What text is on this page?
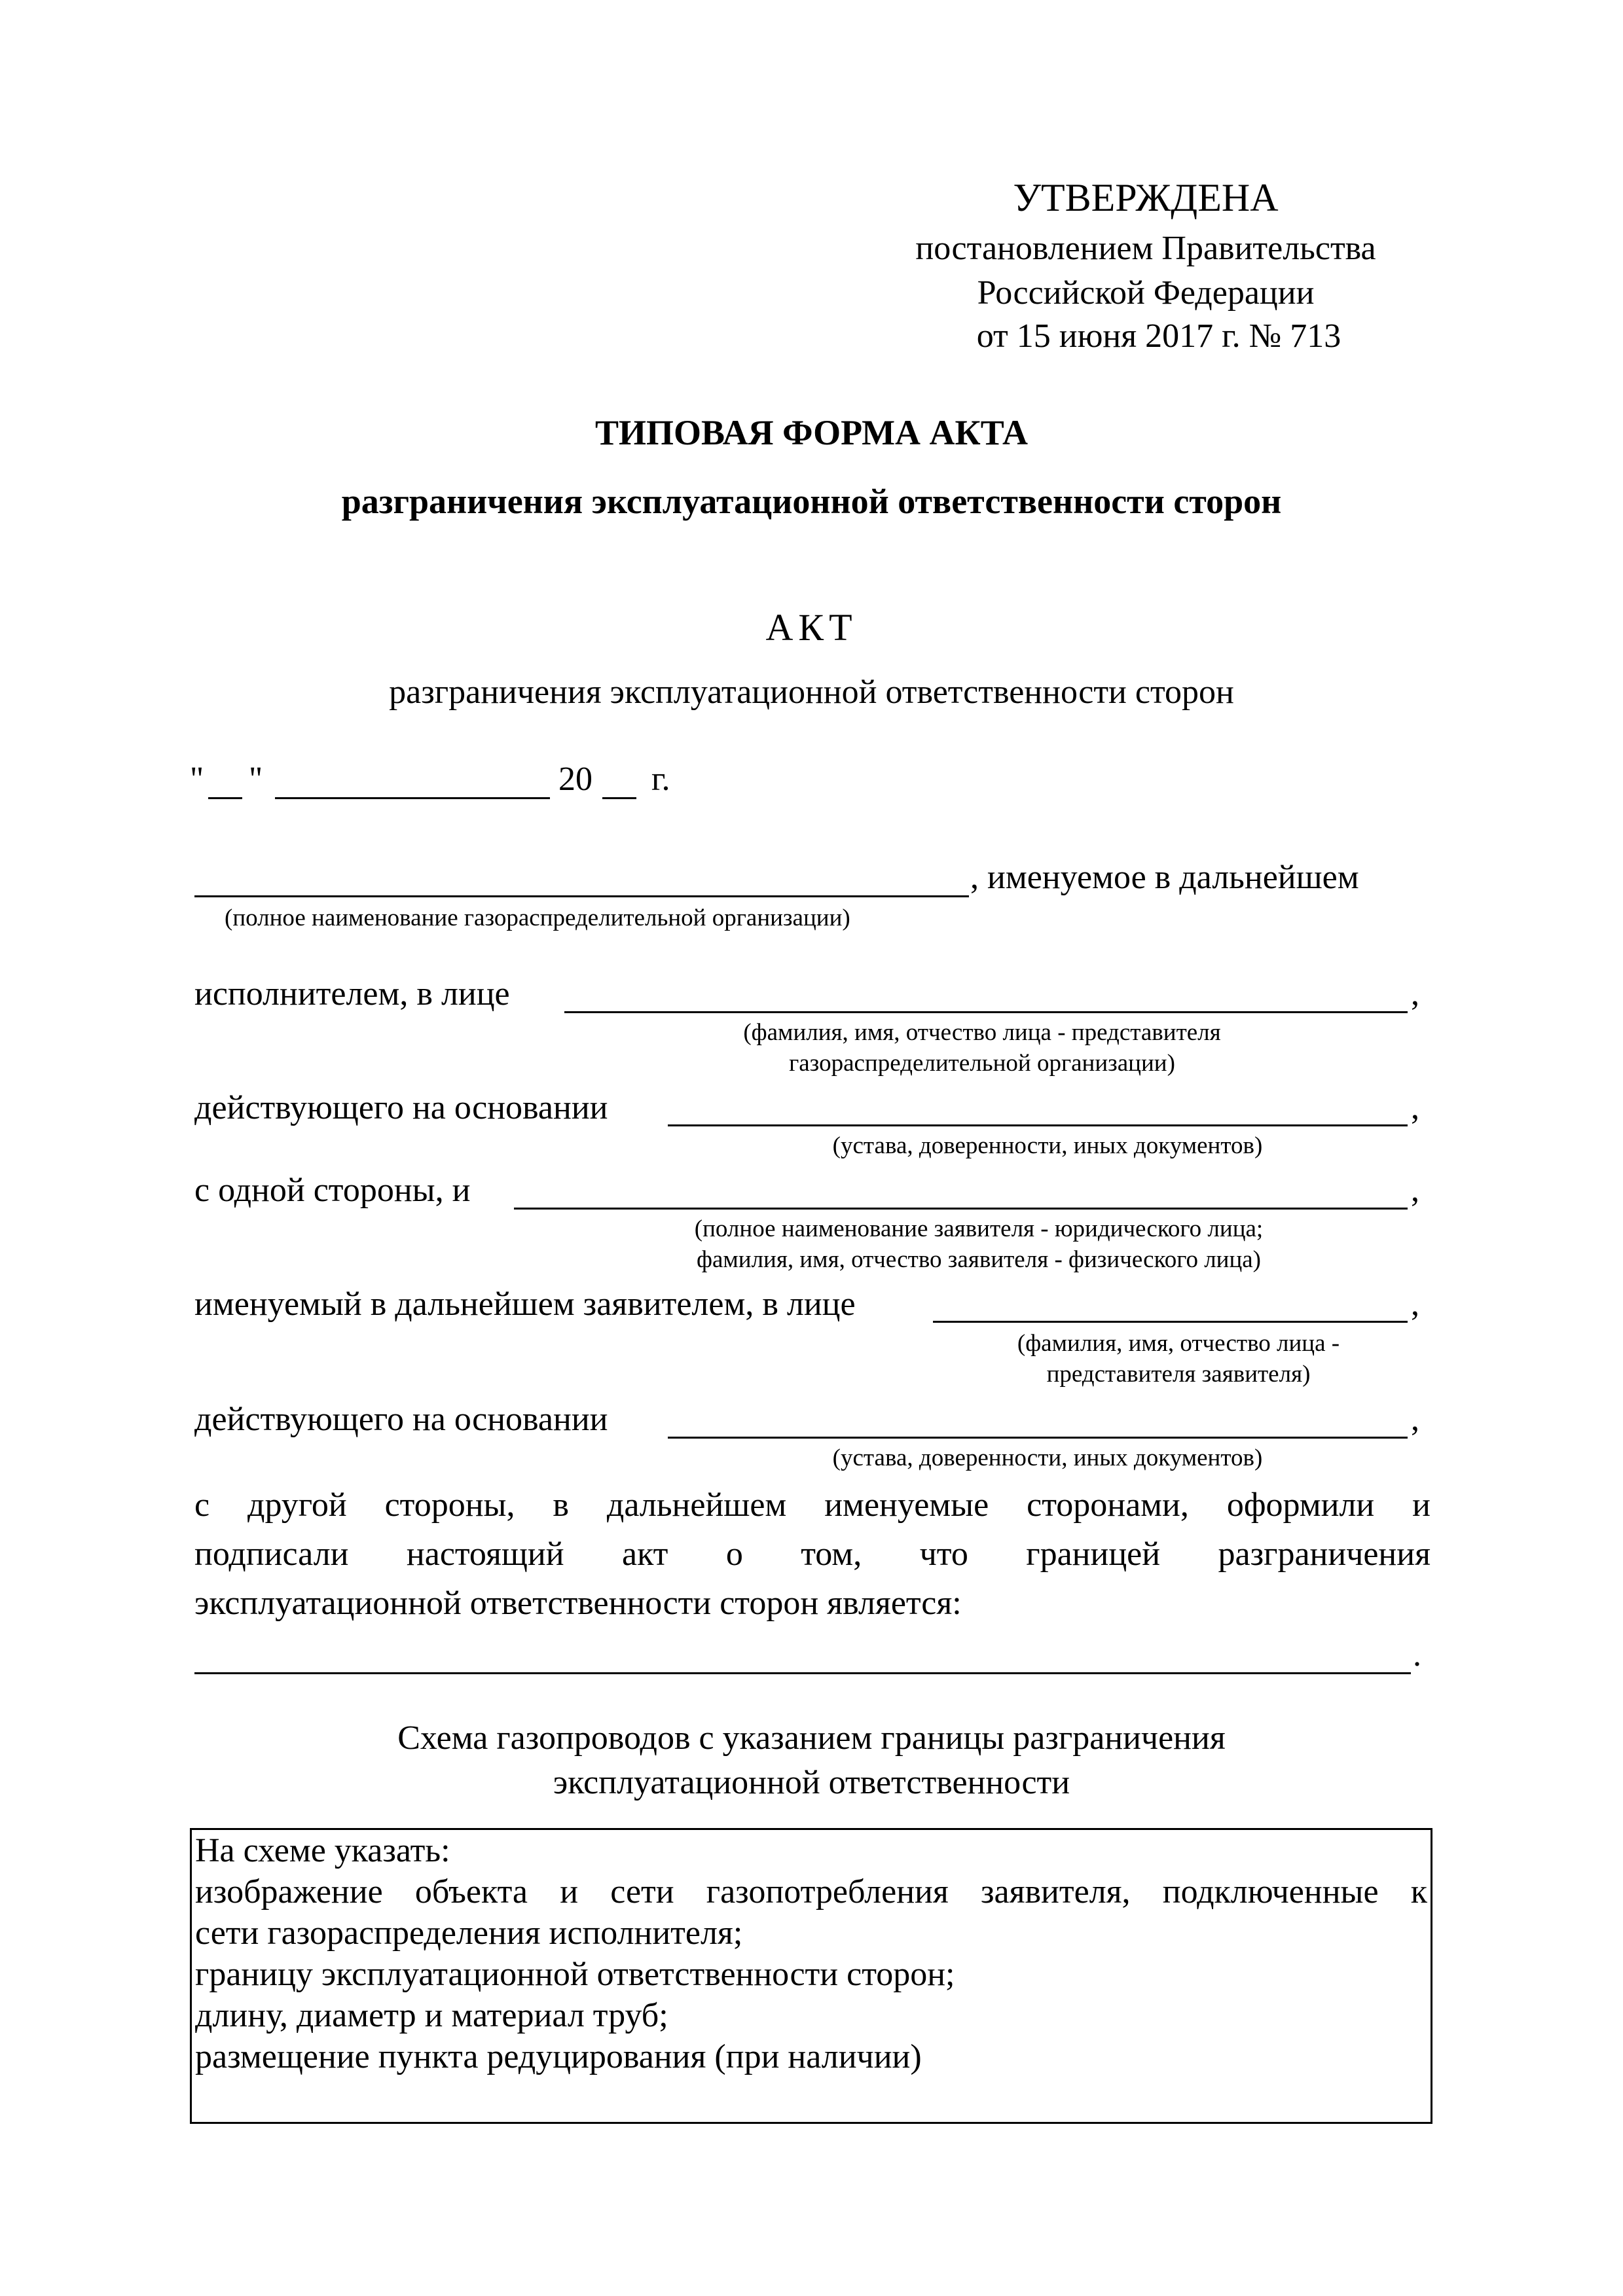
УТВЕРЖДЕНА
постановлением Правительства
Российской Федерации
от 15 июня 2017 г. № 713
ТИПОВАЯ ФОРМА АКТА
разграничения эксплуатационной ответственности сторон
АКТ
разграничения эксплуатационной ответственности сторон
" "	20 г.
, именуемое в дальнейшем
(полное наименование газораспределительной организации)
исполнителем, в лице	,
(фамилия, имя, отчество лица - представителя
газораспределительной организации)
действующего на основании	,
(устава, доверенности, иных документов)
с одной стороны, и	,
(полное наименование заявителя - юридического лица;
фамилия, имя, отчество заявителя - физического лица)
именуемый в дальнейшем заявителем, в лице	,
(фамилия, имя, отчество лица -
представителя заявителя)
действующего на основании	,
(устава, доверенности, иных документов)
с другой стороны, в дальнейшем именуемые сторонами, оформили и
подписали настоящий акт о том, что границей разграничения
эксплуатационной ответственности сторон является:
.
Схема газопроводов с указанием границы разграничения
эксплуатационной ответственности
На схеме указать:
изображение объекта и сети газопотребления заявителя, подключенные к
сети газораспределения исполнителя;
границу эксплуатационной ответственности сторон;
длину, диаметр и материал труб;
размещение пункта редуцирования (при наличии)
